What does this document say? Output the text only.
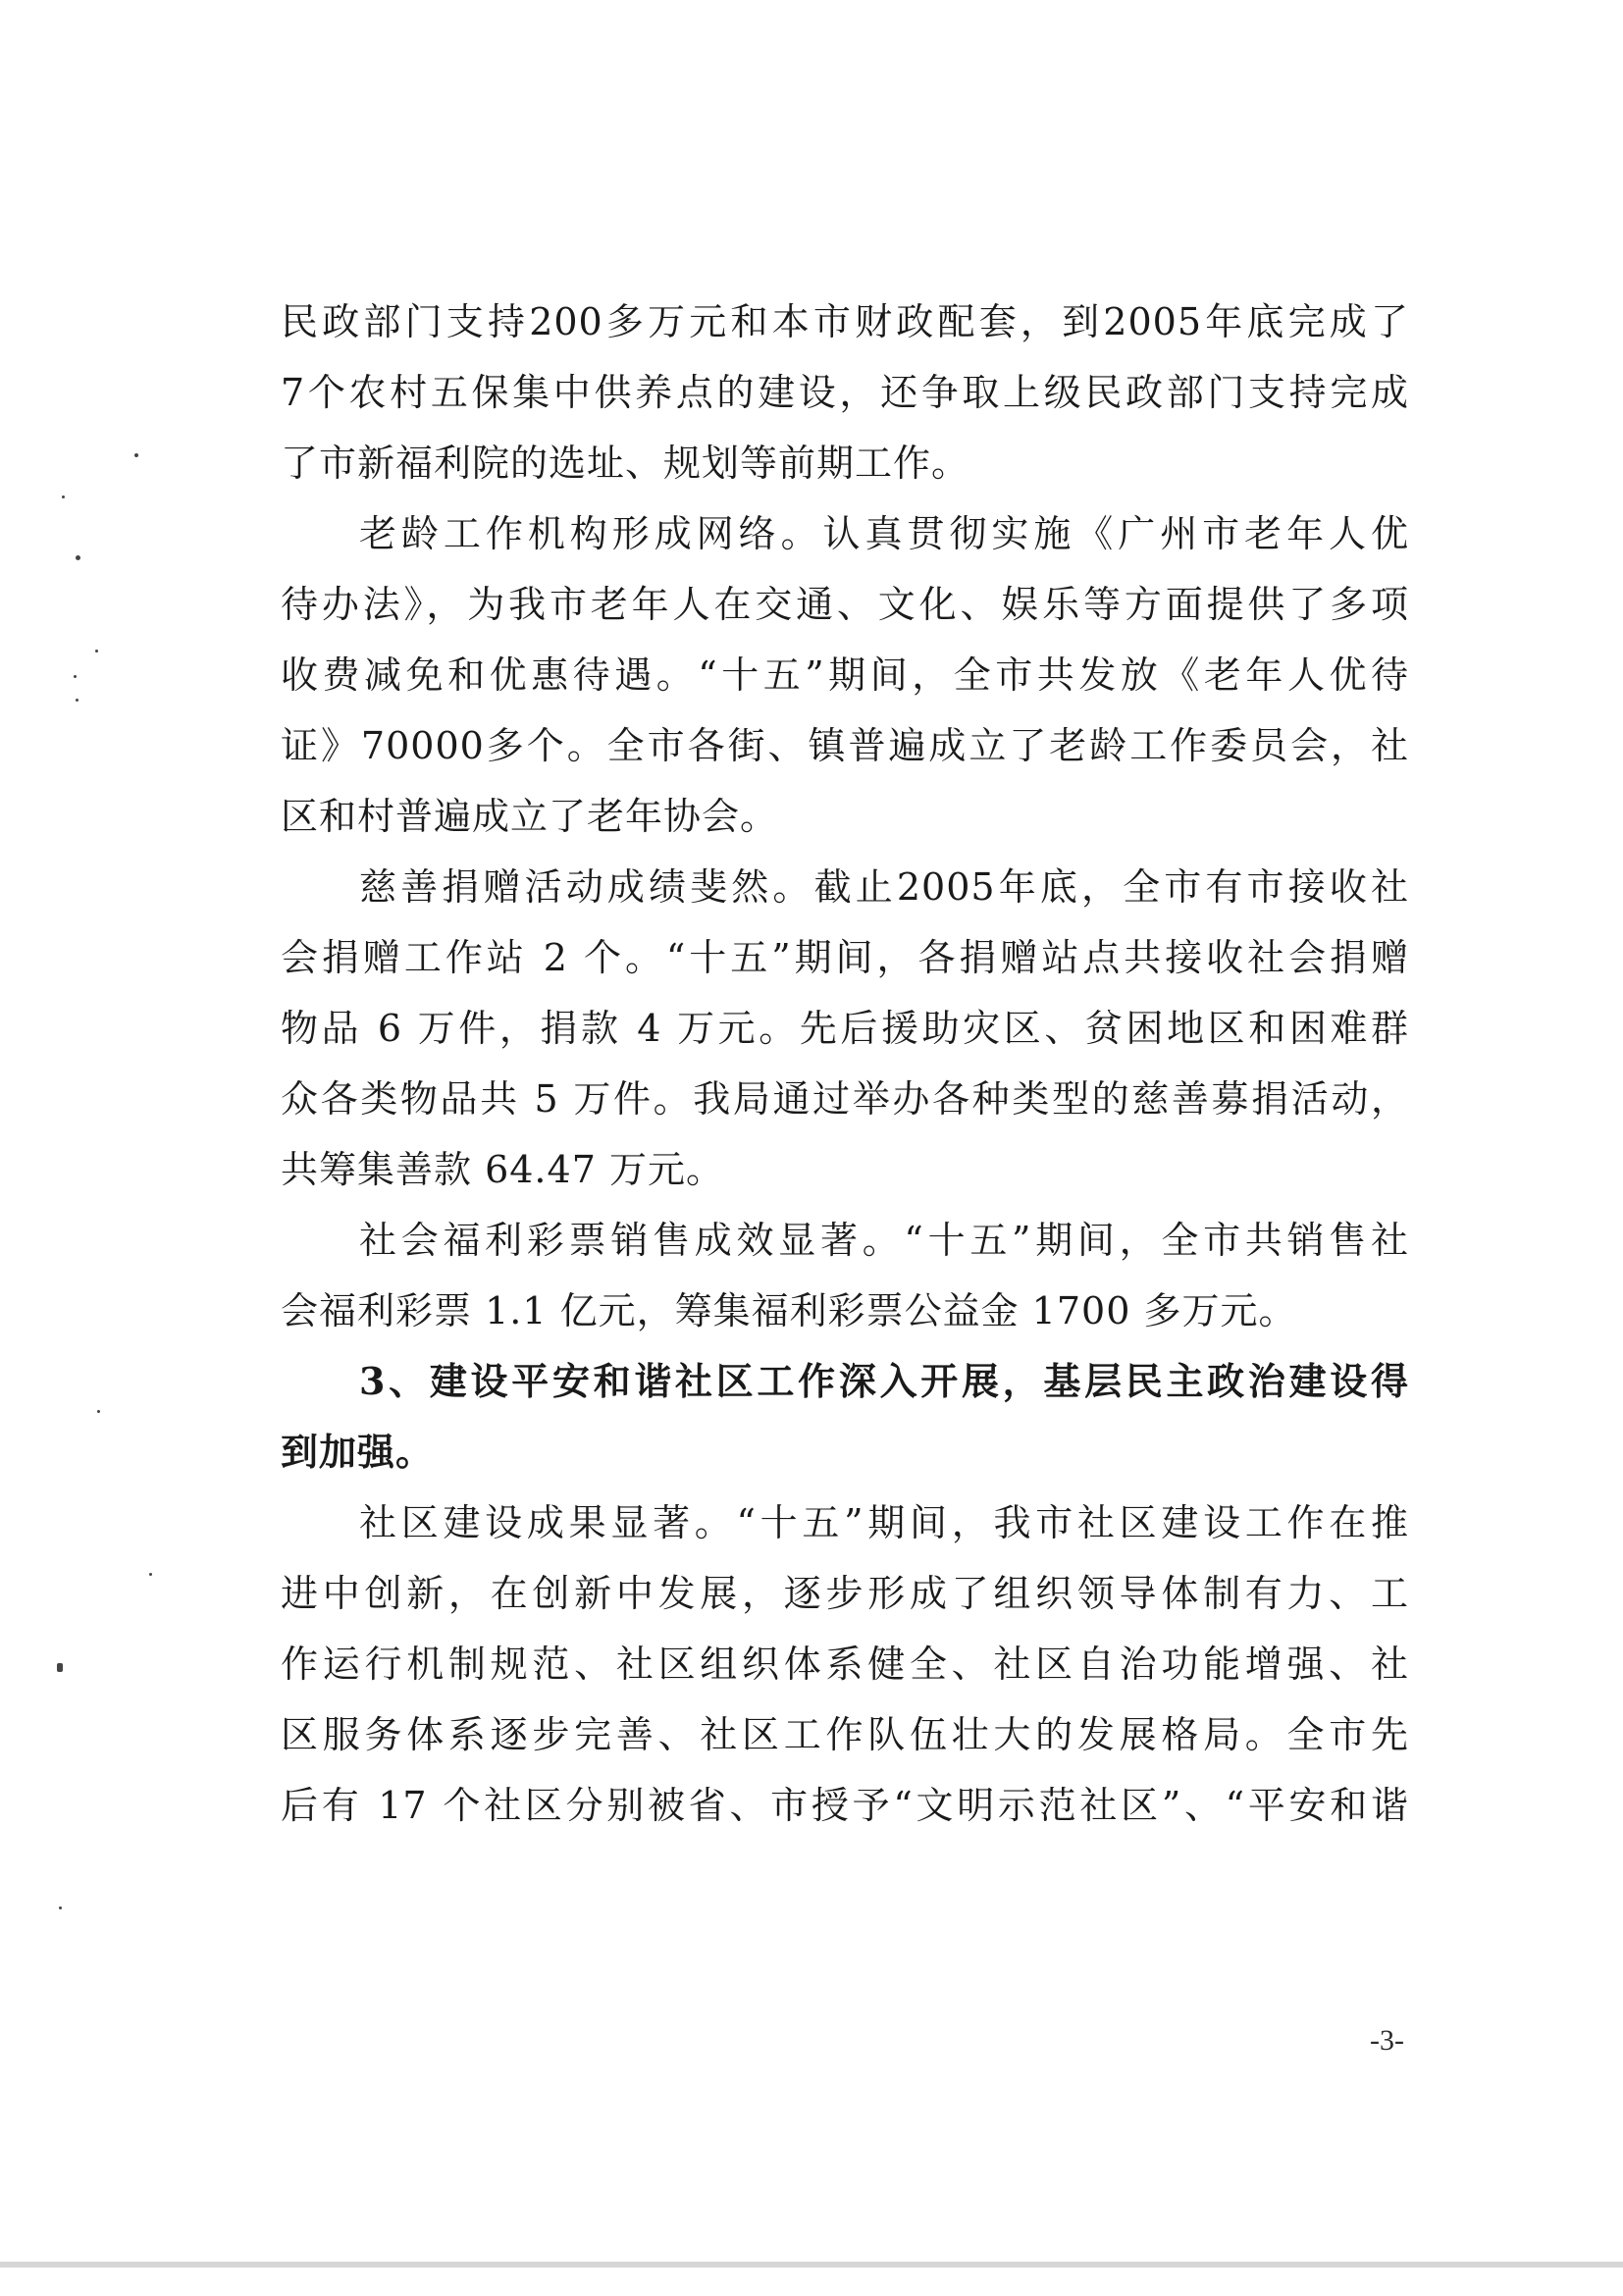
民政部门支持200多万元和本市财政配套，到2005年底完成了
7个农村五保集中供养点的建设，还争取上级民政部门支持完成
了市新福利院的选址、规划等前期工作。
老龄工作机构形成网络。认真贯彻实施《广州市老年人优
待办法》，为我市老年人在交通、文化、娱乐等方面提供了多项
收费减免和优惠待遇。“十五”期间，全市共发放《老年人优待
证》70000多个。全市各街、镇普遍成立了老龄工作委员会，社
区和村普遍成立了老年协会。
慈善捐赠活动成绩斐然。截止2005年底，全市有市接收社
会捐赠工作站 2 个。“十五”期间，各捐赠站点共接收社会捐赠
物品 6 万件，捐款 4 万元。先后援助灾区、贫困地区和困难群
众各类物品共 5 万件。我局通过举办各种类型的慈善募捐活动，
共筹集善款 64.47 万元。
社会福利彩票销售成效显著。“十五”期间，全市共销售社
会福利彩票 1.1 亿元，筹集福利彩票公益金 1700 多万元。
3、建设平安和谐社区工作深入开展，基层民主政治建设得
到加强。
社区建设成果显著。“十五”期间，我市社区建设工作在推
进中创新，在创新中发展，逐步形成了组织领导体制有力、工
作运行机制规范、社区组织体系健全、社区自治功能增强、社
区服务体系逐步完善、社区工作队伍壮大的发展格局。全市先
后有 17 个社区分别被省、市授予“文明示范社区”、“平安和谐
-3-
